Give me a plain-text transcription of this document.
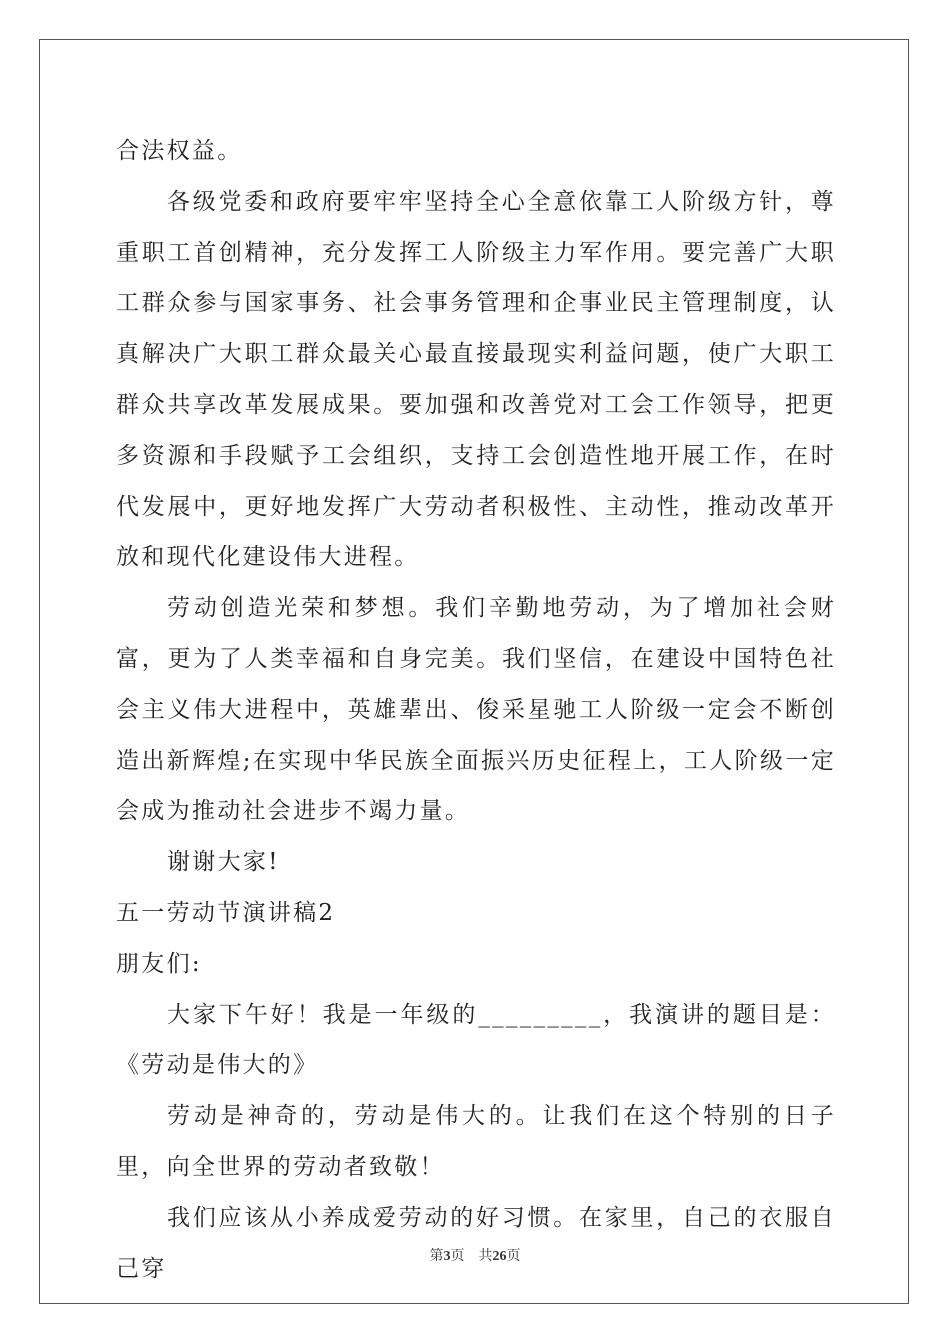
合法权益。

各级党委和政府要牢牢坚持全心全意依靠工人阶级方针，尊重职工首创精神，充分发挥工人阶级主力军作用。要完善广大职工群众参与国家事务、社会事务管理和企事业民主管理制度，认真解决广大职工群众最关心最直接最现实利益问题，使广大职工群众共享改革发展成果。要加强和改善党对工会工作领导，把更多资源和手段赋予工会组织，支持工会创造性地开展工作，在时代发展中，更好地发挥广大劳动者积极性、主动性，推动改革开放和现代化建设伟大进程。

劳动创造光荣和梦想。我们辛勤地劳动，为了增加社会财富，更为了人类幸福和自身完美。我们坚信，在建设中国特色社会主义伟大进程中，英雄辈出、俊采星驰工人阶级一定会不断创造出新辉煌;在实现中华民族全面振兴历史征程上，工人阶级一定会成为推动社会进步不竭力量。

谢谢大家!

五一劳动节演讲稿2

朋友们:

大家下午好！我是一年级的_________，我演讲的题目是：《劳动是伟大的》

劳动是神奇的，劳动是伟大的。让我们在这个特别的日子里，向全世界的劳动者致敬！

我们应该从小养成爱劳动的好习惯。在家里，自己的衣服自己穿	第3页 共26页
